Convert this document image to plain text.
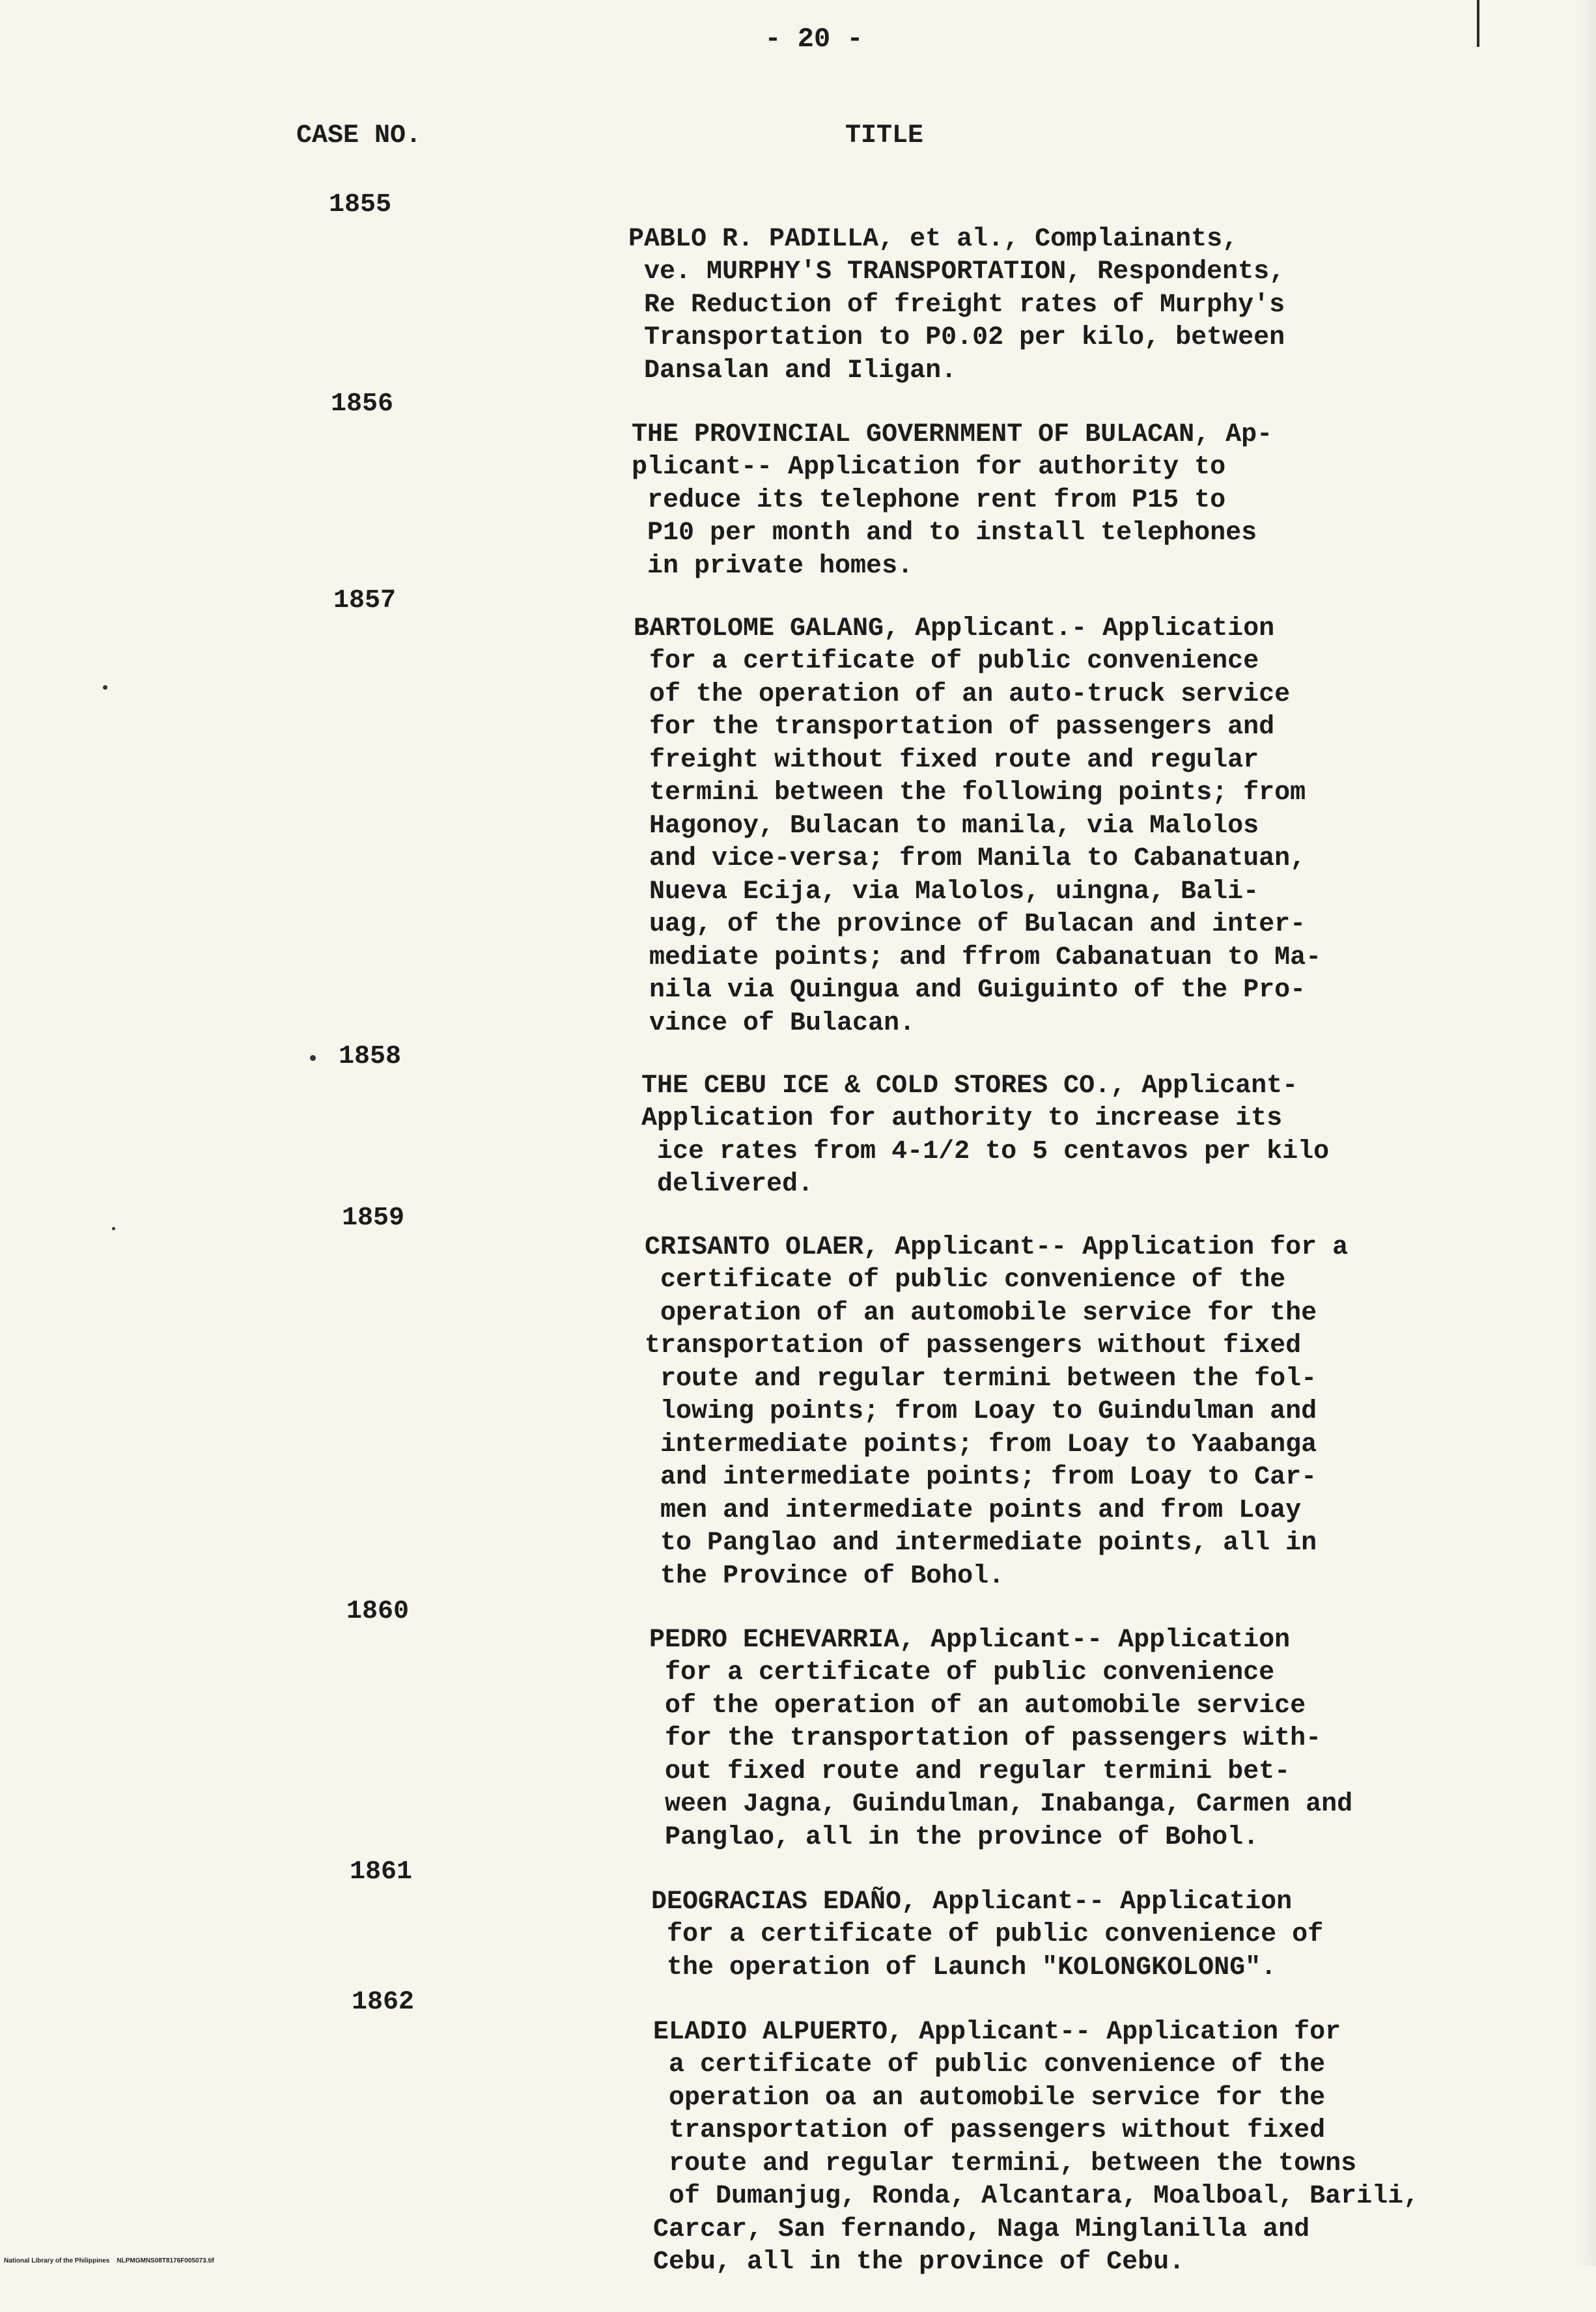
- 20 -
CASE NO.	TITLE
1855

PABLO R. PADILLA, et al., Complainants,
ve. MURPHY'S TRANSPORTATION, Respondents,
Re Reduction of freight rates of Murphy's
Transportation to P0.02 per kilo, between
Dansalan and Iligan.

1856

THE PROVINCIAL GOVERNMENT OF BULACAN, Ap-
plicant-- Application for authority to
reduce its telephone rent from P15 to
P10 per month and to install telephones
in private homes.

1857

BARTOLOME GALANG, Applicant.- Application
for a certificate of public convenience
of the operation of an auto-truck service
for the transportation of passengers and
freight without fixed route and regular
termini between the following points; from
Hagonoy, Bulacan to manila, via Malolos
and vice-versa; from Manila to Cabanatuan,
Nueva Ecija, via Malolos, uingna, Bali-
uag, of the province of Bulacan and inter-
mediate points; and ffrom Cabanatuan to Ma-
nila via Quingua and Guiguinto of the Pro-
vince of Bulacan.

1858

THE CEBU ICE & COLD STORES CO., Applicant-
Application for authority to increase its
ice rates from 4-1/2 to 5 centavos per kilo
delivered.

1859

CRISANTO OLAER, Applicant-- Application for a
certificate of public convenience of the
operation of an automobile service for the
transportation of passengers without fixed
route and regular termini between the fol-
lowing points; from Loay to Guindulman and
intermediate points; from Loay to Yaabanga
and intermediate points; from Loay to Car-
men and intermediate points and from Loay
to Panglao and intermediate points, all in
the Province of Bohol.

1860

PEDRO ECHEVARRIA, Applicant-- Application
for a certificate of public convenience
of the operation of an automobile service
for the transportation of passengers with-
out fixed route and regular termini bet-
ween Jagna, Guindulman, Inabanga, Carmen and
Panglao, all in the province of Bohol.

1861

DEOGRACIAS EDAÑO, Applicant-- Application
for a certificate of public convenience of
the operation of Launch "KOLONGKOLONG".

1862

ELADIO ALPUERTO, Applicant-- Application for
a certificate of public convenience of the
operation oa an automobile service for the
transportation of passengers without fixed
route and regular termini, between the towns
of Dumanjug, Ronda, Alcantara, Moalboal, Barili,
Carcar, San fernando, Naga Minglanilla and
Cebu, all in the province of Cebu.

National Library of the Philippines NLPMGMNS08T8176F005073.tif
